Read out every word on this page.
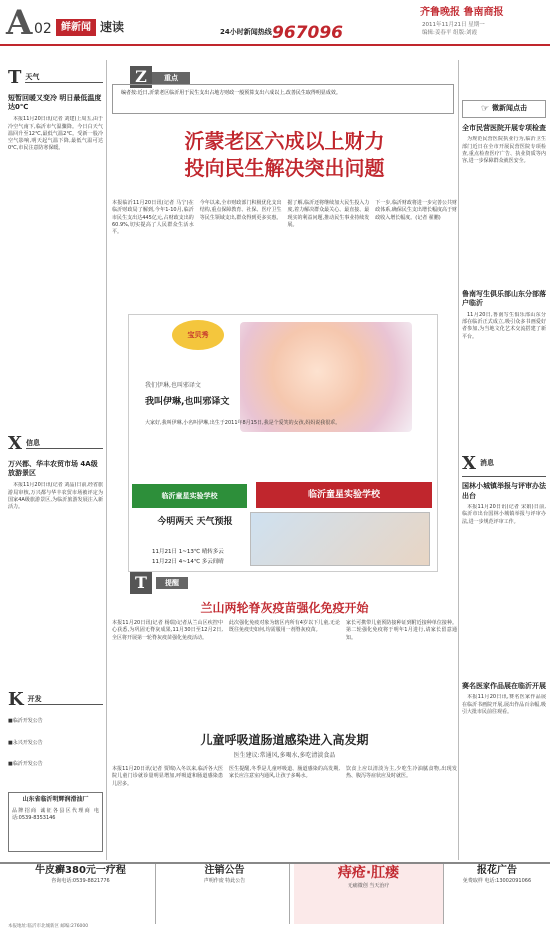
A 02 鲜新闻 速读	24小时新闻热线 967096
齐鲁晚报 鲁南商报
2011年11月21日 星期一
编辑:姜春平 组版:刘霞
T 天气
短暂回暖又变冷 明日最低温度达0℃

本报11月20日讯(记者 刘建)上周五,由于冷空气南下,临沂市气温骤降。今日白天气温回升至12℃,最低气温2℃。受新一股冷空气影响,明天起气温下降,最低气温可达0℃,市民注意防寒保暖。

X 信息
万兴都、华丰农贸市场 4A级放游景区

本报11月20日讯(记者 刘晶)日前,经省旅游局审核,万兴都与华丰农贸市场被评定为国家4A级旅游景区,为临沂旅游发展注入新活力。

K 开发
■临沂开发公告
■永兴开发公告
■临沂开发公告
山东省临沂明辉润滑油厂
品牌招商 诚征各县区代理商 电话:0539-8353146
Z	重点
编者按:近日,沂蒙老区临沂用于民生支出占地方财政一般预算支出六成以上,改善民生取得明显成效。
沂蒙老区六成以上财力
投向民生解决突出问题
本报临沂11月20日讯(记者 马宁)在临沂财政局了解到,今年1-10月,临沂市民生支出达445亿元,占财政支出的60.9%,切实提高了人民群众生活水平。
今年以来,全市财政部门积极优化支出结构,重点保障教育、社保、医疗卫生等民生领域支出,群众得到更多实惠。
据了解,临沂还将继续加大民生投入力度,着力解决群众最关心、最直接、最现实的利益问题,推动民生事业持续发展。
下一步,临沂财政将进一步完善公共财政体系,确保民生支出增长幅度高于财政收入增长幅度。(记者 翟鹏)
宝贝秀
我们伊琳,也叫邪译文
我叫伊琳,也叫邪译文
大家好,我叫伊琳,小名叫伊琳,出生于2011年8月15日,我是个爱笑的女孩,妈妈说我很乖。
临沂童星实验学校	临沂童星实验学校
今明两天 天气预报
11月21日 1~13℃ 晴转多云
11月22日 4~14℃ 多云间晴
☞ 微新闻点击
全市民营医院开展专项检查

为规范民营医院执业行为,临沂卫生部门近日在全市开展民营医院专项检查,重点检查医疗广告、执业资质等内容,进一步保障群众就医安全。

鲁南写生俱乐部山东分部落户临沂

11月20日,鲁南写生俱乐部山东分部在临沂正式成立,吸引众多书画爱好者参加,为当地文化艺术交流搭建了新平台。

X 消息
国林小城镇举报与评审办法出台

本报11月20日讯(记者 宋娟)日前,临沂市出台国林小城镇举报与评审办法,进一步规范评审工作。

赛名医家作品展在临沂开展

本报11月20日讯,赛名医家作品展在临沂书画院开展,展出作品百余幅,吸引大批市民前往观看。

T	提醒
兰山两轮脊灰疫苗强化免疫开始
本报11月20日讯(记者 杨瑞)记者从兰山区疾控中心获悉,为巩固无脊灰成果,11月30日至12月2日,全区将开展第一轮脊灰疫苗强化免疫活动。
此次强化免疫对象为辖区内所有4岁以下儿童,无论既往免疫史如何,均需服用一剂脊灰疫苗。
家长可携带儿童预防接种证到附近接种单位接种。第二轮强化免疫将于明年1月进行,请家长留意通知。
儿童呼吸道肠道感染进入高发期
医生建议:常通风,多喝水,多吃清淡食品
本报11月20日讯(记者 贾锦)入冬以来,临沂各大医院儿童门诊就诊量明显增加,呼吸道和肠道感染患儿居多。
医生提醒,冬季是儿童呼吸道、肠道感染的高发期,家长应注意室内通风,让孩子多喝水。
饮食上应以清淡为主,少吃生冷油腻食物,出现发热、腹泻等症状应及时就医。
牛皮癣380元一疗程
咨询电话:0539-8821776
注销公告
声明作废 特此公告	痔疮·肛瘘
无痛微创 当天治疗
报花广告
免费取样 电话:13002091066
本报地址:临沂市北城新区 邮编:276000
